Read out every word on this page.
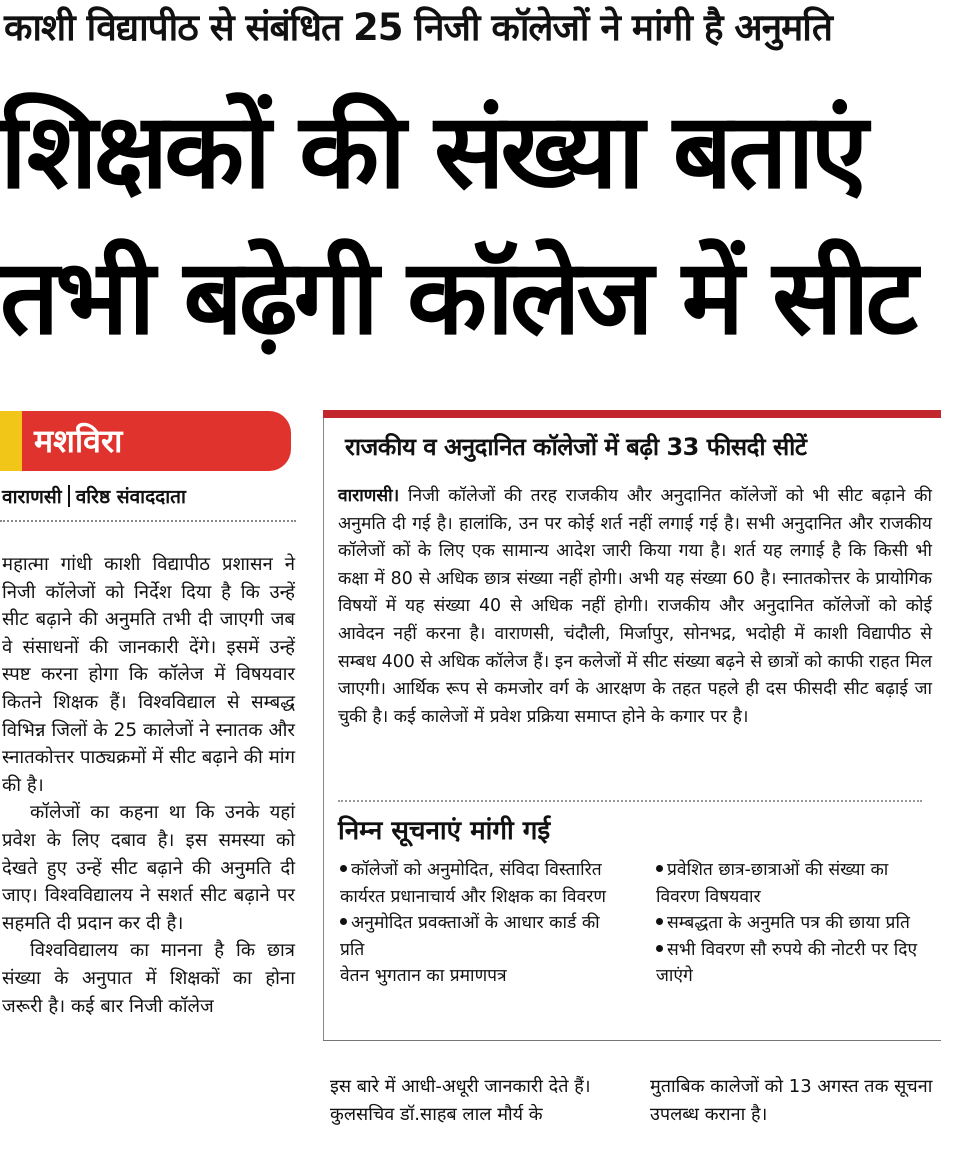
काशी विद्यापीठ से संबंधित 25 निजी कॉलेजों ने मांगी है अनुमति
शिक्षकों की संख्या बताएं
तभी बढ़ेगी कॉलेज में सीट
मशविरा
वाराणसी वरिष्ठ संवाददाता

महात्मा गांधी काशी विद्यापीठ प्रशासन ने निजी कॉलेजों को निर्देश दिया है कि उन्हें सीट बढ़ाने की अनुमति तभी दी जाएगी जब वे संसाधनों की जानकारी देंगे। इसमें उन्हें स्पष्ट करना होगा कि कॉलेज में विषयवार कितने शिक्षक हैं। विश्वविद्याल से सम्बद्ध विभिन्न जिलों के 25 कालेजों ने स्नातक और स्नातकोत्तर पाठ्यक्रमों में सीट बढ़ाने की मांग की है।

कॉलेजों का कहना था कि उनके यहां प्रवेश के लिए दबाव है। इस समस्या को देखते हुए उन्हें सीट बढ़ाने की अनुमति दी जाए। विश्वविद्यालय ने सशर्त सीट बढ़ाने पर सहमति दी प्रदान कर दी है।

विश्वविद्यालय का मानना है कि छात्र संख्या के अनुपात में शिक्षकों का होना जरूरी है। कई बार निजी कॉलेज

राजकीय व अनुदानित कॉलेजों में बढ़ी 33 फीसदी सीटें
वाराणसी। निजी कॉलेजों की तरह राजकीय और अनुदानित कॉलेजों को भी सीट बढ़ाने की अनुमति दी गई है। हालांकि, उन पर कोई शर्त नहीं लगाई गई है। सभी अनुदानित और राजकीय कॉलेजों कों के लिए एक सामान्य आदेश जारी किया गया है। शर्त यह लगाई है कि किसी भी कक्षा में 80 से अधिक छात्र संख्या नहीं होगी। अभी यह संख्या 60 है। स्नातकोत्तर के प्रायोगिक विषयों में यह संख्या 40 से अधिक नहीं होगी। राजकीय और अनुदानित कॉलेजों को कोई आवेदन नहीं करना है। वाराणसी, चंदौली, मिर्जापुर, सोनभद्र, भदोही में काशी विद्यापीठ से सम्बध 400 से अधिक कॉलेज हैं। इन कलेजों में सीट संख्या बढ़ने से छात्रों को काफी राहत मिल जाएगी। आर्थिक रूप से कमजोर वर्ग के आरक्षण के तहत पहले ही दस फीसदी सीट बढ़ाई जा चुकी है। कई कालेजों में प्रवेश प्रक्रिया समाप्त होने के कगार पर है।
निम्न सूचनाएं मांगी गई
कॉलेजों को अनुमोदित, संविदा विस्तारित कार्यरत प्रधानाचार्य और शिक्षक का विवरण
अनुमोदित प्रवक्ताओं के आधार कार्ड की प्रति
वेतन भुगतान का प्रमाणपत्र
प्रवेशित छात्र-छात्राओं की संख्या का विवरण विषयवार
सम्बद्धता के अनुमति पत्र की छाया प्रति
सभी विवरण सौ रुपये की नोटरी पर दिए जाएंगे
इस बारे में आधी-अधूरी जानकारी देते हैं। कुलसचिव डॉ.साहब लाल मौर्य के
मुताबिक कालेजों को 13 अगस्त तक सूचना उपलब्ध कराना है।
